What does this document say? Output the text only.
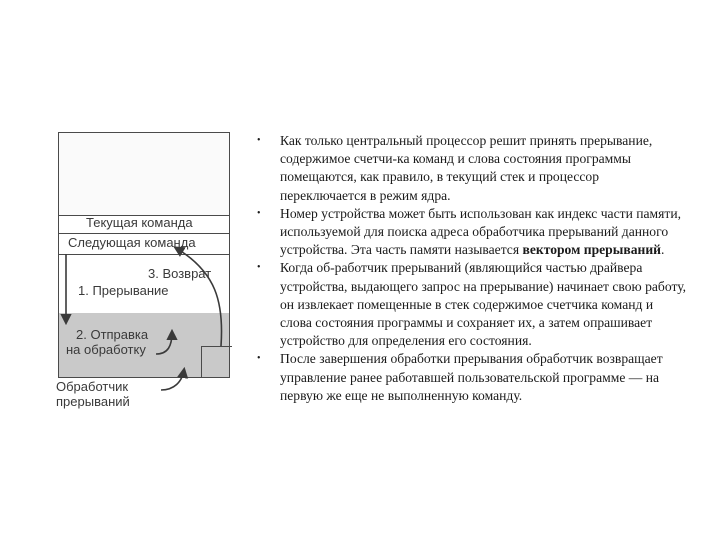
Текущая команда
Следующая команда
3. Возврат
1. Прерывание
2. Отправка
на обработку
Обработчик
прерываний
• Как только центральный процессор решит принять прерывание, содержимое счетчи-ка команд и слова состояния программы помещаются, как правило, в текущий стек и процессор переключается в режим ядра.
• Номер устройства может быть использован как индекс части памяти, используемой для поиска адреса обработчика прерываний данного устройства. Эта часть памяти называется вектором прерываний.
• Когда об-работчик прерываний (являющийся частью драйвера устройства, выдающего запрос на прерывание) начинает свою работу, он извлекает помещенные в стек содержимое счетчика команд и слова состояния программы и сохраняет их, а затем опрашивает устройство для определения его состояния.
• После завершения обработки прерывания обработчик возвращает управление ранее работавшей пользовательской программе — на первую же еще не выполненную команду.
